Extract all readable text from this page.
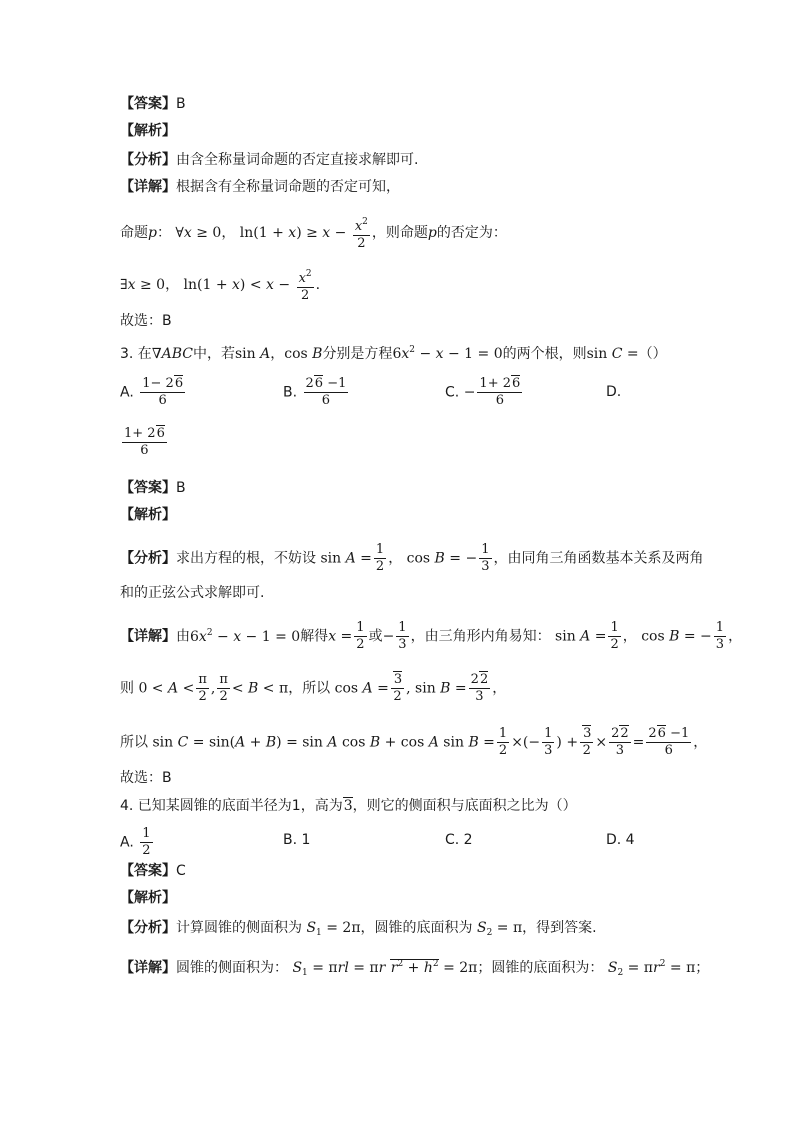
【答案】B
【解析】
【分析】由含全称量词命题的否定直接求解即可.
【详解】根据含有全称量词命题的否定可知，
命题p： ∀x ≥ 0， $\ln(1 + x) \ge x - \frac{x^2}{2}$ ，则命题p的否定为：
∃x ≥ 0， $\ln(1 + x) < x - \frac{x^2}{2}$ .
故选：B
3. 在∇ABC中，若sin A，cos B分别是方程$6x^2 - x - 1 = 0$的两个根，则sin C =（）
A. $\frac{1- 26}{6}$	B. $\frac{26 -1}{6}$	C. − $\frac{1+ 26}{6}$	D.
$\frac{1+ 26}{6}$
【答案】B
【解析】
【分析】求出方程的根，不妨设 $\sin A = \frac{1}{2}$ ， cos B = − $\frac{1}{3}$ ，由同角三角函数基本关系及两角
和的正弦公式求解即可.
【详解】由$6x^2 - x - 1 = 0$解得$x = \frac{1}{2}$ 或− $\frac{1}{3}$ ，由三角形内角易知： $\sin A = \frac{1}{2}$ ， cos B = − $\frac{1}{3}$ ，
则 $0 < A < \frac{\pi}{2}$ , $\frac{\pi}{2} < B < \pi$，所以 $\cos A = \frac{3}{2}$ , $\sin B = \frac{22}{3}$ ，
所以 sin C = sin(A + B) = sin A cos B + cos A $\sin B = \frac{1}{2}$ ×(− $\frac{1}{3}$ ) + $\frac{3}{2} \times \frac{22}{3} = \frac{26 -1}{6}$ ，
故选：B
4. 已知某圆锥的底面半径为1，高为3，则它的侧面积与底面积之比为（）
A. $\frac{1}{2}$	B. 1	C. 2	D. 4
【答案】C
【解析】
【分析】计算圆锥的侧面积为 $S_1 = 2\pi$，圆锥的底面积为 $S_2 = \pi$，得到答案.
【详解】圆锥的侧面积为： $S_1 = \pi rl = \pi r$ $r^2 + h^2 = 2\pi$；圆锥的底面积为： $S_2 = \pi r^2 = \pi$；
